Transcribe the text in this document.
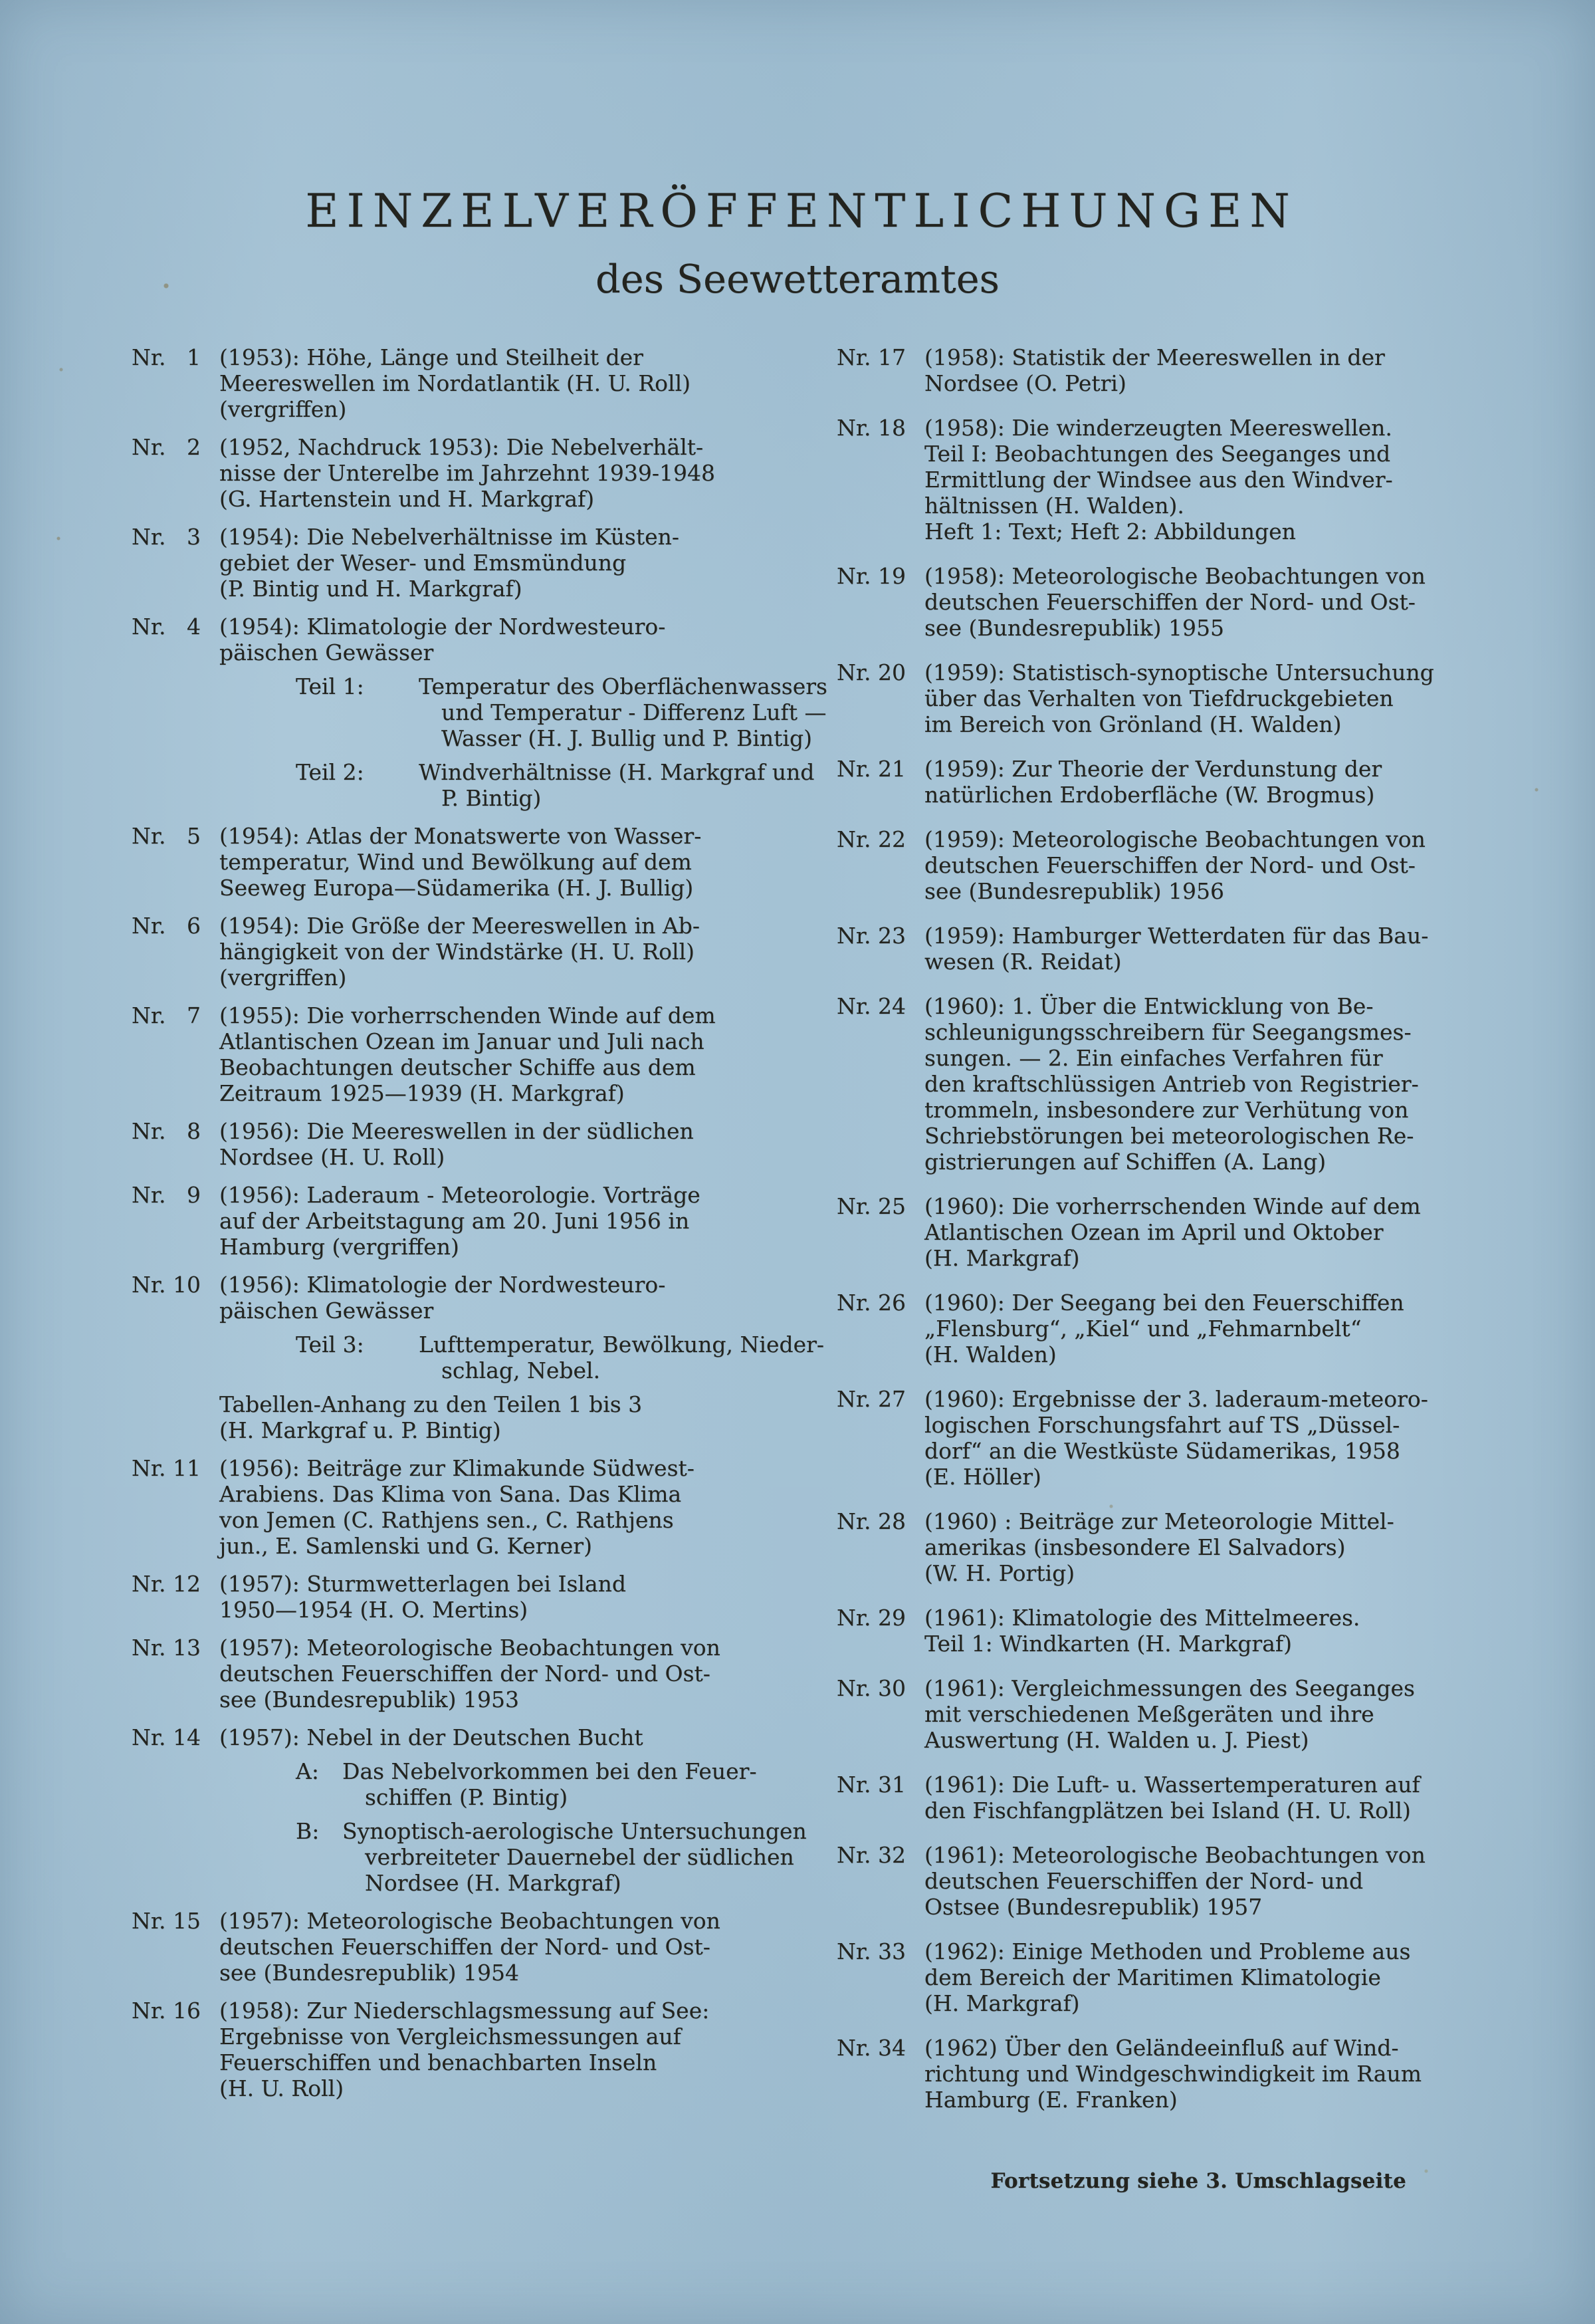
EINZELVERÖFFENTLICHUNGEN
des Seewetteramtes
Nr. 1 (1953): Höhe, Länge und Steilheit der
Meereswellen im Nordatlantik (H. U. Roll)
(vergriffen)
Nr. 2 (1952, Nachdruck 1953): Die Nebelverhält-
nisse der Unterelbe im Jahrzehnt 1939-1948
(G. Hartenstein und H. Markgraf)
Nr. 3 (1954): Die Nebelverhältnisse im Küsten-
gebiet der Weser- und Emsmündung
(P. Bintig und H. Markgraf)
Nr. 4 (1954): Klimatologie der Nordwesteuro-
päischen Gewässer
Teil 1:	Temperatur des Oberflächenwassers
und Temperatur - Differenz Luft —
Wasser (H. J. Bullig und P. Bintig)
Teil 2:	Windverhältnisse (H. Markgraf und
P. Bintig)
Nr. 5 (1954): Atlas der Monatswerte von Wasser-
temperatur, Wind und Bewölkung auf dem
Seeweg Europa—Südamerika (H. J. Bullig)
Nr. 6 (1954): Die Größe der Meereswellen in Ab-
hängigkeit von der Windstärke (H. U. Roll)
(vergriffen)
Nr. 7 (1955): Die vorherrschenden Winde auf dem
Atlantischen Ozean im Januar und Juli nach
Beobachtungen deutscher Schiffe aus dem
Zeitraum 1925—1939 (H. Markgraf)
Nr. 8 (1956): Die Meereswellen in der südlichen
Nordsee (H. U. Roll)
Nr. 9 (1956): Laderaum - Meteorologie. Vorträge
auf der Arbeitstagung am 20. Juni 1956 in
Hamburg (vergriffen)
Nr. 10 (1956): Klimatologie der Nordwesteuro-
päischen Gewässer
Teil 3:	Lufttemperatur, Bewölkung, Nieder-
schlag, Nebel.
Tabellen-Anhang zu den Teilen 1 bis 3
(H. Markgraf u. P. Bintig)
Nr. 11 (1956): Beiträge zur Klimakunde Südwest-
Arabiens. Das Klima von Sana. Das Klima
von Jemen (C. Rathjens sen., C. Rathjens
jun., E. Samlenski und G. Kerner)
Nr. 12 (1957): Sturmwetterlagen bei Island
1950—1954 (H. O. Mertins)
Nr. 13 (1957): Meteorologische Beobachtungen von
deutschen Feuerschiffen der Nord- und Ost-
see (Bundesrepublik) 1953
Nr. 14 (1957): Nebel in der Deutschen Bucht
A:	Das Nebelvorkommen bei den Feuer-
schiffen (P. Bintig)
B:	Synoptisch-aerologische Untersuchungen
verbreiteter Dauernebel der südlichen
Nordsee (H. Markgraf)
Nr. 15 (1957): Meteorologische Beobachtungen von
deutschen Feuerschiffen der Nord- und Ost-
see (Bundesrepublik) 1954
Nr. 16 (1958): Zur Niederschlagsmessung auf See:
Ergebnisse von Vergleichsmessungen auf
Feuerschiffen und benachbarten Inseln
(H. U. Roll)
Nr. 17 (1958): Statistik der Meereswellen in der
Nordsee (O. Petri)
Nr. 18 (1958): Die winderzeugten Meereswellen.
Teil I: Beobachtungen des Seeganges und
Ermittlung der Windsee aus den Windver-
hältnissen (H. Walden).
Heft 1: Text; Heft 2: Abbildungen
Nr. 19 (1958): Meteorologische Beobachtungen von
deutschen Feuerschiffen der Nord- und Ost-
see (Bundesrepublik) 1955
Nr. 20 (1959): Statistisch-synoptische Untersuchung
über das Verhalten von Tiefdruckgebieten
im Bereich von Grönland (H. Walden)
Nr. 21 (1959): Zur Theorie der Verdunstung der
natürlichen Erdoberfläche (W. Brogmus)
Nr. 22 (1959): Meteorologische Beobachtungen von
deutschen Feuerschiffen der Nord- und Ost-
see (Bundesrepublik) 1956
Nr. 23 (1959): Hamburger Wetterdaten für das Bau-
wesen (R. Reidat)
Nr. 24 (1960): 1. Über die Entwicklung von Be-
schleunigungsschreibern für Seegangsmes-
sungen. — 2. Ein einfaches Verfahren für
den kraftschlüssigen Antrieb von Registrier-
trommeln, insbesondere zur Verhütung von
Schriebstörungen bei meteorologischen Re-
gistrierungen auf Schiffen (A. Lang)
Nr. 25 (1960): Die vorherrschenden Winde auf dem
Atlantischen Ozean im April und Oktober
(H. Markgraf)
Nr. 26 (1960): Der Seegang bei den Feuerschiffen
„Flensburg“, „Kiel“ und „Fehmarnbelt“
(H. Walden)
Nr. 27 (1960): Ergebnisse der 3. laderaum-meteoro-
logischen Forschungsfahrt auf TS „Düssel-
dorf“ an die Westküste Südamerikas, 1958
(E. Höller)
Nr. 28 (1960) : Beiträge zur Meteorologie Mittel-
amerikas (insbesondere El Salvadors)
(W. H. Portig)
Nr. 29 (1961): Klimatologie des Mittelmeeres.
Teil 1: Windkarten (H. Markgraf)
Nr. 30 (1961): Vergleichmessungen des Seeganges
mit verschiedenen Meßgeräten und ihre
Auswertung (H. Walden u. J. Piest)
Nr. 31 (1961): Die Luft- u. Wassertemperaturen auf
den Fischfangplätzen bei Island (H. U. Roll)
Nr. 32 (1961): Meteorologische Beobachtungen von
deutschen Feuerschiffen der Nord- und
Ostsee (Bundesrepublik) 1957
Nr. 33 (1962): Einige Methoden und Probleme aus
dem Bereich der Maritimen Klimatologie
(H. Markgraf)
Nr. 34 (1962) Über den Geländeeinfluß auf Wind-
richtung und Windgeschwindigkeit im Raum
Hamburg (E. Franken)
Fortsetzung siehe 3. Umschlagseite
